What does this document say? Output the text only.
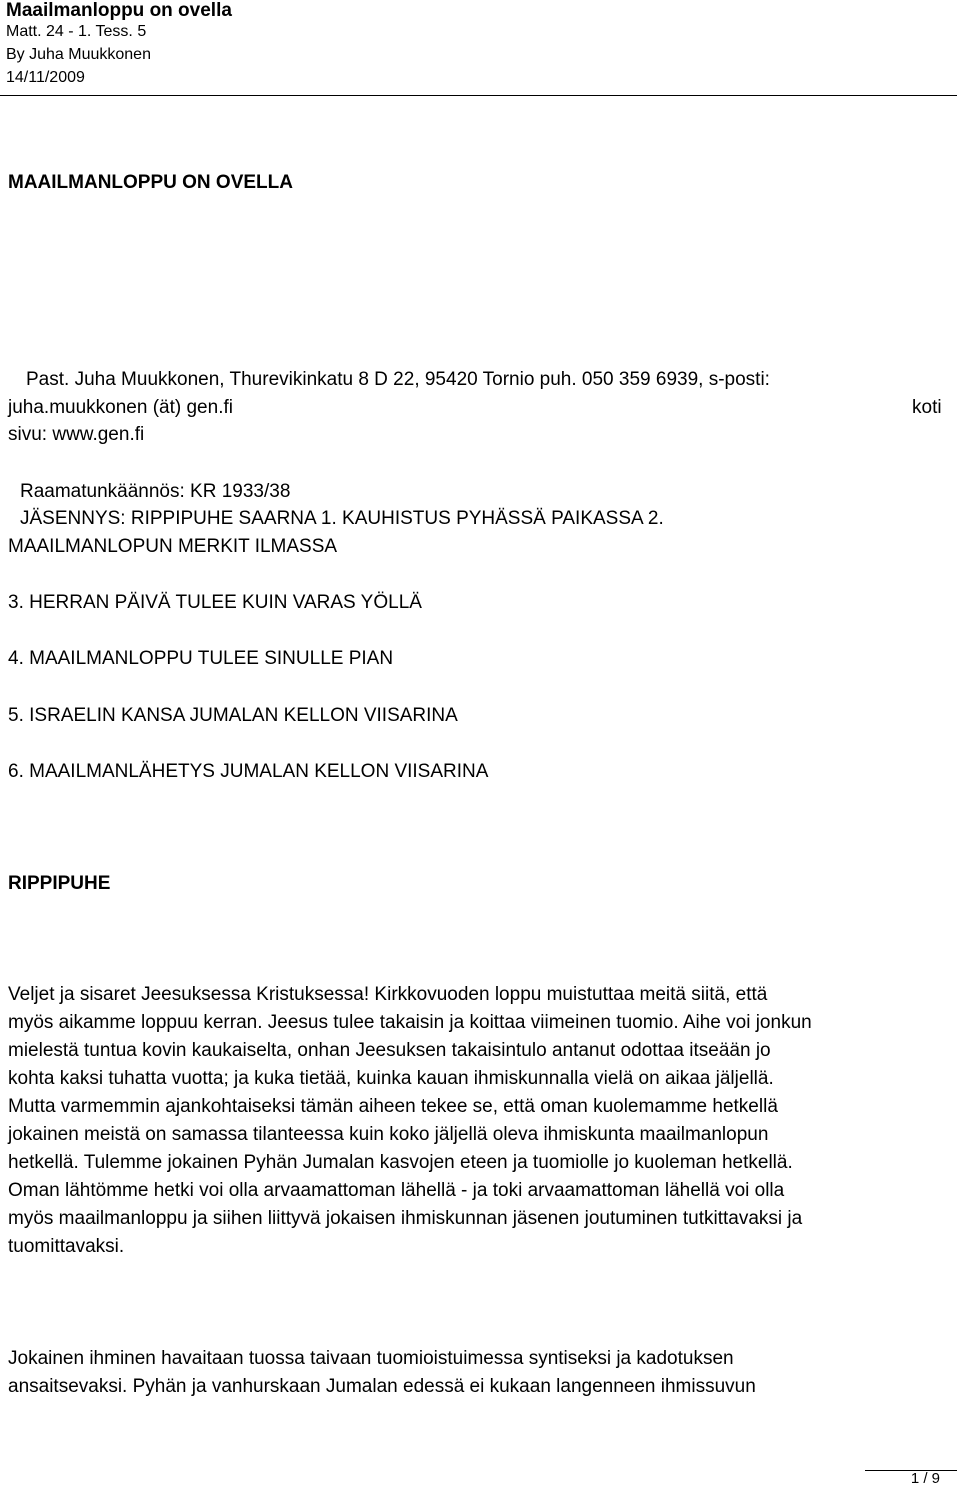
Maailmanloppu on ovella
Matt. 24 - 1. Tess. 5
By Juha Muukkonen
14/11/2009
MAAILMANLOPPU ON OVELLA
Past. Juha Muukkonen, Thurevikinkatu 8 D 22, 95420 Tornio puh. 050 359 6939, s-posti:
juha.muukkonen (ät) gen.fi	koti
sivu: www.gen.fi
Raamatunkäännös: KR 1933/38
JÄSENNYS: RIPPIPUHE SAARNA 1. KAUHISTUS PYHÄSSÄ PAIKASSA 2.
MAAILMANLOPUN MERKIT ILMASSA
3. HERRAN PÄIVÄ TULEE KUIN VARAS YÖLLÄ
4. MAAILMANLOPPU TULEE SINULLE PIAN
5. ISRAELIN KANSA JUMALAN KELLON VIISARINA
6. MAAILMANLÄHETYS JUMALAN KELLON VIISARINA
RIPPIPUHE
Veljet ja sisaret Jeesuksessa Kristuksessa! Kirkkovuoden loppu muistuttaa meitä siitä, että
myös aikamme loppuu kerran. Jeesus tulee takaisin ja koittaa viimeinen tuomio. Aihe voi jonkun
mielestä tuntua kovin kaukaiselta, onhan Jeesuksen takaisintulo antanut odottaa itseään jo
kohta kaksi tuhatta vuotta; ja kuka tietää, kuinka kauan ihmiskunnalla vielä on aikaa jäljellä.
Mutta varmemmin ajankohtaiseksi tämän aiheen tekee se, että oman kuolemamme hetkellä
jokainen meistä on samassa tilanteessa kuin koko jäljellä oleva ihmiskunta maailmanlopun
hetkellä. Tulemme jokainen Pyhän Jumalan kasvojen eteen ja tuomiolle jo kuoleman hetkellä.
Oman lähtömme hetki voi olla arvaamattoman lähellä - ja toki arvaamattoman lähellä voi olla
myös maailmanloppu ja siihen liittyvä jokaisen ihmiskunnan jäsenen joutuminen tutkittavaksi ja
tuomittavaksi.
Jokainen ihminen havaitaan tuossa taivaan tuomioistuimessa syntiseksi ja kadotuksen
ansaitsevaksi. Pyhän ja vanhurskaan Jumalan edessä ei kukaan langenneen ihmissuvun
1 / 9
